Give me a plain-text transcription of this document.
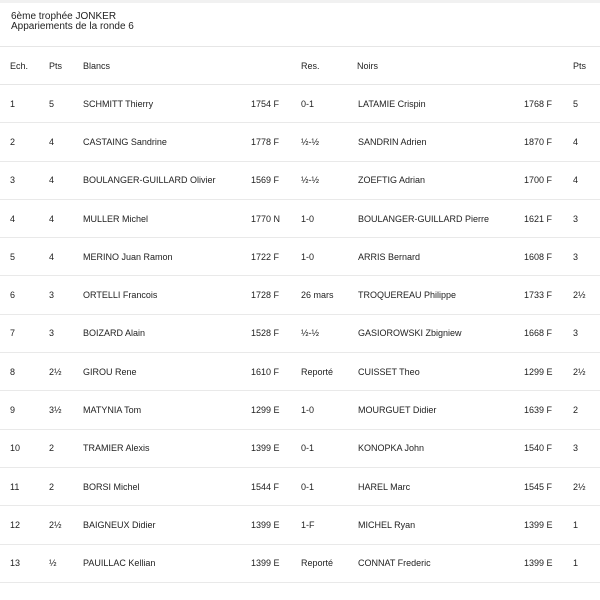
6ème trophée JONKER
Appariements de la ronde 6
Ech.	Pts	Blancs		Res.	Noirs		Pts
1	5	SCHMITT Thierry	1754 F	0-1	LATAMIE Crispin	1768 F	5
2	4	CASTAING Sandrine	1778 F	½-½	SANDRIN Adrien	1870 F	4
3	4	BOULANGER-GUILLARD Olivier	1569 F	½-½	ZOEFTIG Adrian	1700 F	4
4	4	MULLER Michel	1770 N	1-0	BOULANGER-GUILLARD Pierre	1621 F	3
5	4	MERINO Juan Ramon	1722 F	1-0	ARRIS Bernard	1608 F	3
6	3	ORTELLI Francois	1728 F	26 mars	TROQUEREAU Philippe	1733 F	2½
7	3	BOIZARD Alain	1528 F	½-½	GASIOROWSKI Zbigniew	1668 F	3
8	2½	GIROU Rene	1610 F	Reporté	CUISSET Theo	1299 E	2½
9	3½	MATYNIA Tom	1299 E	1-0	MOURGUET Didier	1639 F	2
10	2	TRAMIER Alexis	1399 E	0-1	KONOPKA John	1540 F	3
11	2	BORSI Michel	1544 F	0-1	HAREL Marc	1545 F	2½
12	2½	BAIGNEUX Didier	1399 E	1-F	MICHEL Ryan	1399 E	1
13	½	PAUILLAC Kellian	1399 E	Reporté	CONNAT Frederic	1399 E	1
